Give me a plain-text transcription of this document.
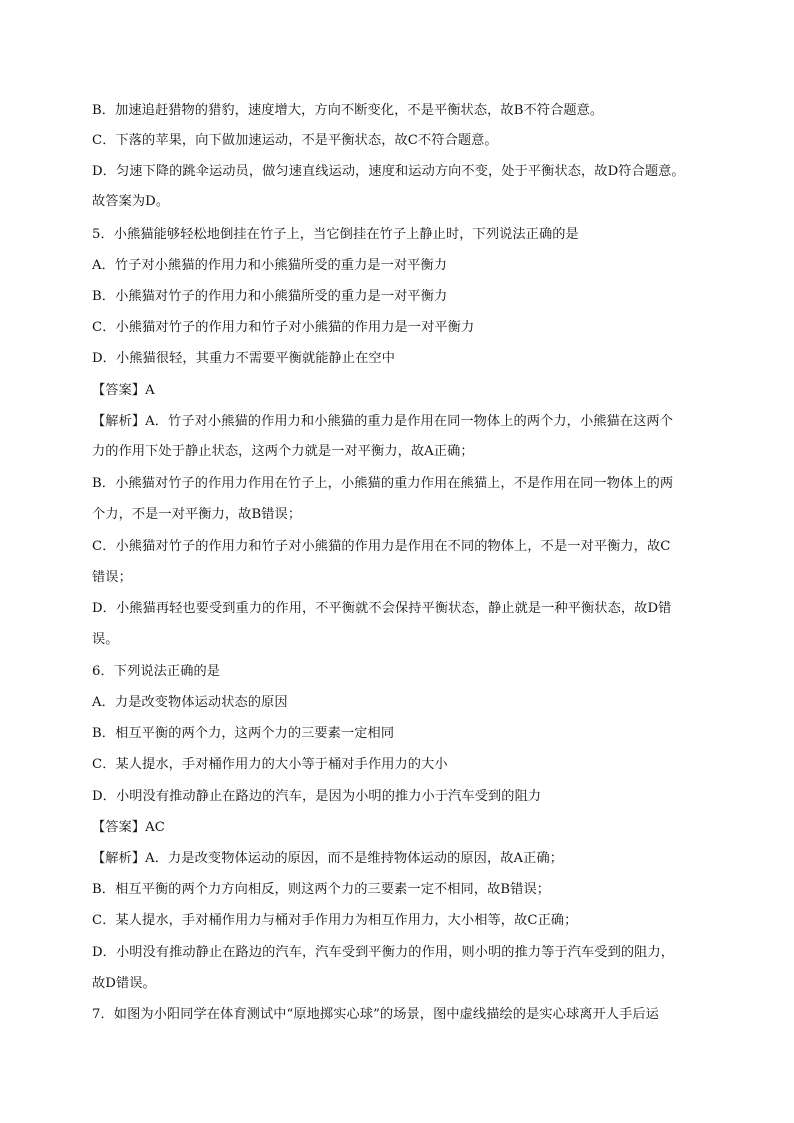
B．加速追赶猎物的猎豹，速度增大，方向不断变化，不是平衡状态，故B不符合题意。
C．下落的苹果，向下做加速运动，不是平衡状态，故C不符合题意。
D．匀速下降的跳伞运动员，做匀速直线运动，速度和运动方向不变，处于平衡状态，故D符合题意。
故答案为D。
5．小熊猫能够轻松地倒挂在竹子上，当它倒挂在竹子上静止时，下列说法正确的是
A．竹子对小熊猫的作用力和小熊猫所受的重力是一对平衡力
B．小熊猫对竹子的作用力和小熊猫所受的重力是一对平衡力
C．小熊猫对竹子的作用力和竹子对小熊猫的作用力是一对平衡力
D．小熊猫很轻，其重力不需要平衡就能静止在空中
【答案】A
【解析】A．竹子对小熊猫的作用力和小熊猫的重力是作用在同一物体上的两个力，小熊猫在这两个
力的作用下处于静止状态，这两个力就是一对平衡力，故A正确；
B．小熊猫对竹子的作用力作用在竹子上，小熊猫的重力作用在熊猫上，不是作用在同一物体上的两
个力，不是一对平衡力，故B错误；
C．小熊猫对竹子的作用力和竹子对小熊猫的作用力是作用在不同的物体上，不是一对平衡力，故C
错误；
D．小熊猫再轻也要受到重力的作用，不平衡就不会保持平衡状态，静止就是一种平衡状态，故D错
误。
6．下列说法正确的是
A．力是改变物体运动状态的原因
B．相互平衡的两个力，这两个力的三要素一定相同
C．某人提水，手对桶作用力的大小等于桶对手作用力的大小
D．小明没有推动静止在路边的汽车，是因为小明的推力小于汽车受到的阻力
【答案】AC
【解析】A．力是改变物体运动的原因，而不是维持物体运动的原因，故A正确；
B．相互平衡的两个力方向相反，则这两个力的三要素一定不相同，故B错误；
C．某人提水，手对桶作用力与桶对手作用力为相互作用力，大小相等，故C正确；
D．小明没有推动静止在路边的汽车，汽车受到平衡力的作用，则小明的推力等于汽车受到的阻力，
故D错误。
7．如图为小阳同学在体育测试中“原地掷实心球”的场景，图中虚线描绘的是实心球离开人手后运
